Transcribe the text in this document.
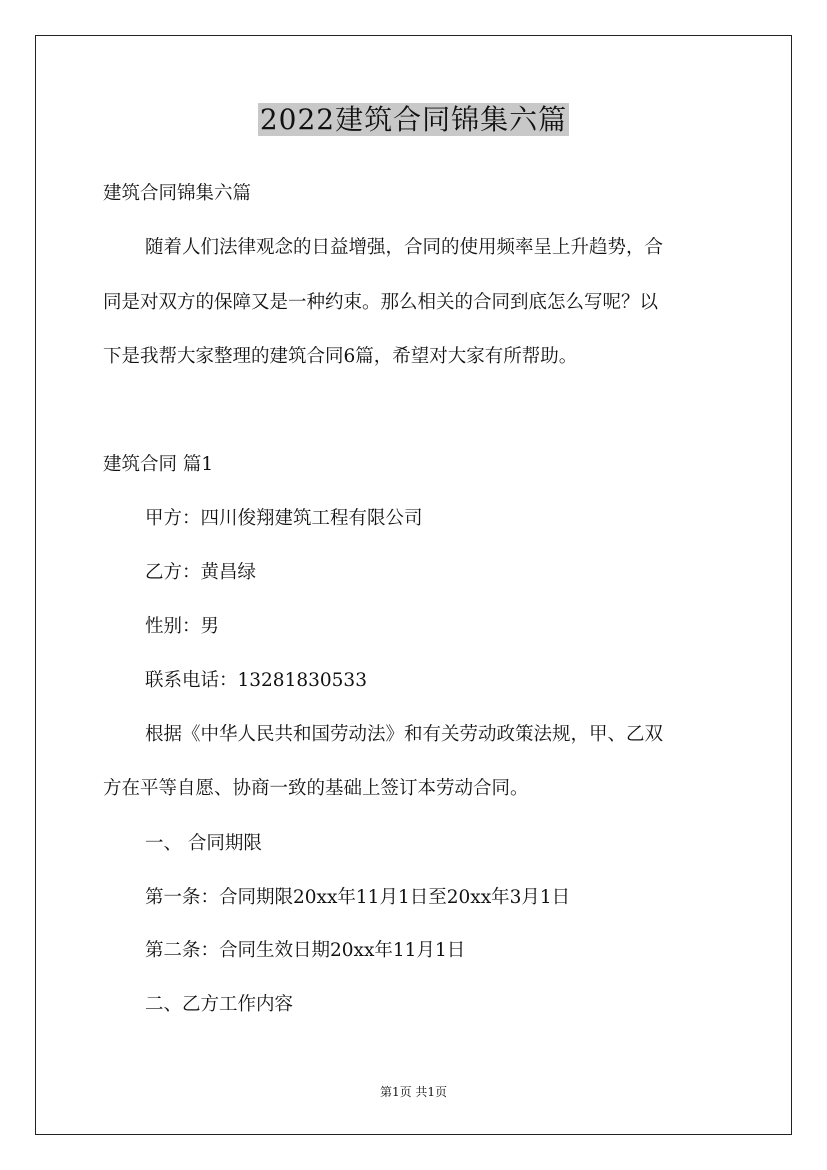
2022建筑合同锦集六篇
建筑合同锦集六篇
随着人们法律观念的日益增强，合同的使用频率呈上升趋势，合
同是对双方的保障又是一种约束。那么相关的合同到底怎么写呢？以
下是我帮大家整理的建筑合同6篇，希望对大家有所帮助。
建筑合同 篇1
甲方：四川俊翔建筑工程有限公司
乙方：黄昌绿
性别：男
联系电话：13281830533
根据《中华人民共和国劳动法》和有关劳动政策法规，甲、乙双
方在平等自愿、协商一致的基础上签订本劳动合同。
一、 合同期限
第一条：合同期限20xx年11月1日至20xx年3月1日
第二条：合同生效日期20xx年11月1日
二、乙方工作内容
第1页 共1页
